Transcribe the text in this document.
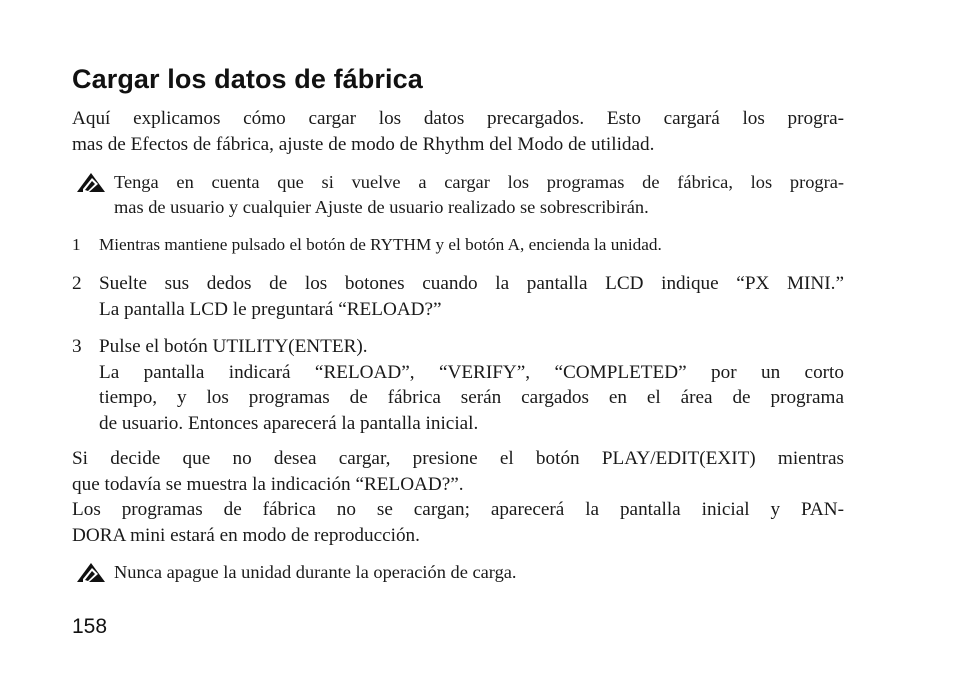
Cargar los datos de fábrica

Aquí explicamos cómo cargar los datos precargados. Esto cargará los progra-
mas de Efectos de fábrica, ajuste de modo de Rhythm del Modo de utilidad.

Tenga en cuenta que si vuelve a cargar los programas de fábrica, los progra-
mas de usuario y cualquier Ajuste de usuario realizado se sobrescribirán.
1 Mientras mantiene pulsado el botón de RYTHM y el botón A, encienda la unidad.
2 Suelte sus dedos de los botones cuando la pantalla LCD indique “PX MINI.”
La pantalla LCD le preguntará “RELOAD?”
3 Pulse el botón UTILITY(ENTER).
La pantalla indicará “RELOAD”, “VERIFY”, “COMPLETED” por un corto
tiempo, y los programas de fábrica serán cargados en el área de programa
de usuario. Entonces aparecerá la pantalla inicial.

Si decide que no desea cargar, presione el botón PLAY/EDIT(EXIT) mientras
que todavía se muestra la indicación “RELOAD?”.
Los programas de fábrica no se cargan; aparecerá la pantalla inicial y PAN-
DORA mini estará en modo de reproducción.

Nunca apague la unidad durante la operación de carga.
158
